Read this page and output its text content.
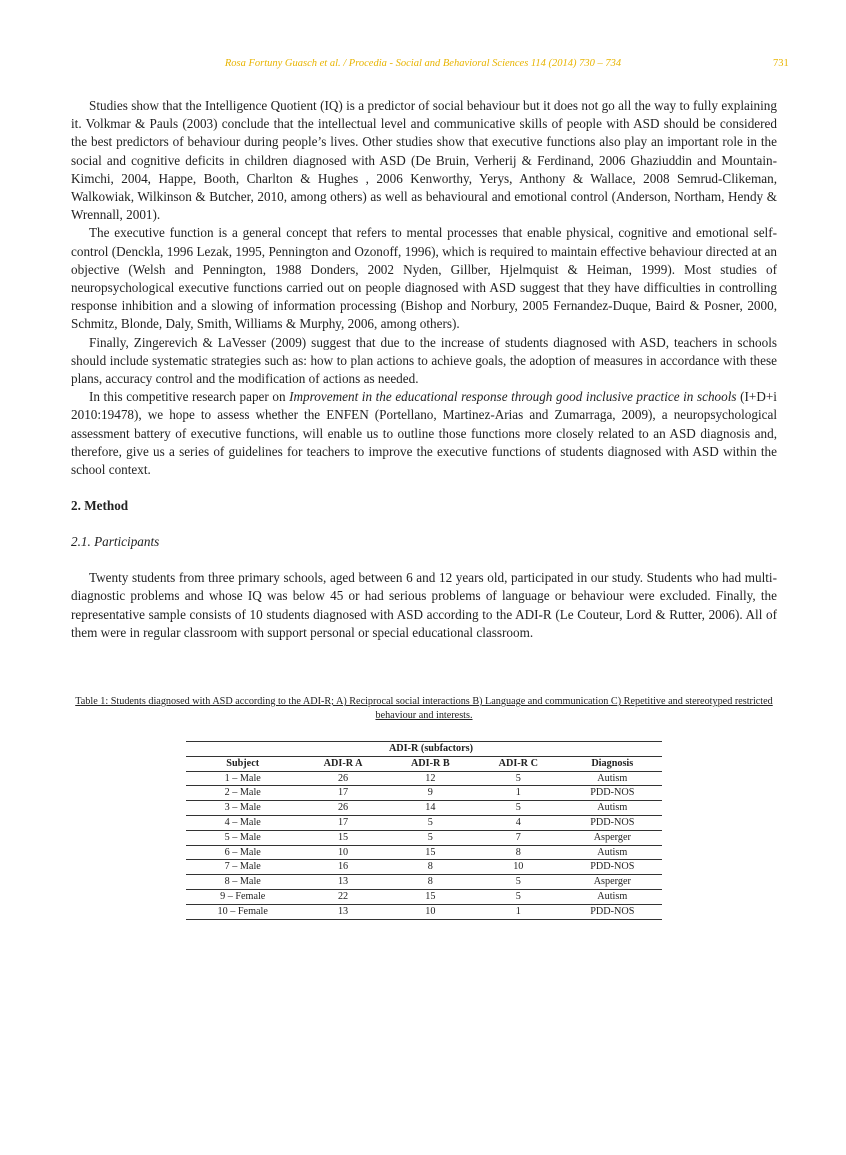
Rosa Fortuny Guasch et al. / Procedia - Social and Behavioral Sciences 114 (2014) 730 – 734	731

Studies show that the Intelligence Quotient (IQ) is a predictor of social behaviour but it does not go all the way to fully explaining it. Volkmar & Pauls (2003) conclude that the intellectual level and communicative skills of people with ASD should be considered the best predictors of behaviour during people’s lives. Other studies show that executive functions also play an important role in the social and cognitive deficits in children diagnosed with ASD (De Bruin, Verherij & Ferdinand, 2006 Ghaziuddin and Mountain-Kimchi, 2004, Happe, Booth, Charlton & Hughes , 2006 Kenworthy, Yerys, Anthony & Wallace, 2008 Semrud-Clikeman, Walkowiak, Wilkinson & Butcher, 2010, among others) as well as behavioural and emotional control (Anderson, Northam, Hendy & Wrennall, 2001).

The executive function is a general concept that refers to mental processes that enable physical, cognitive and emotional self-control (Denckla, 1996 Lezak, 1995, Pennington and Ozonoff, 1996), which is required to maintain effective behaviour directed at an objective (Welsh and Pennington, 1988 Donders, 2002 Nyden, Gillber, Hjelmquist & Heiman, 1999). Most studies of neuropsychological executive functions carried out on people diagnosed with ASD suggest that they have difficulties in controlling response inhibition and a slowing of information processing (Bishop and Norbury, 2005 Fernandez-Duque, Baird & Posner, 2000, Schmitz, Blonde, Daly, Smith, Williams & Murphy, 2006, among others).

Finally, Zingerevich & LaVesser (2009) suggest that due to the increase of students diagnosed with ASD, teachers in schools should include systematic strategies such as: how to plan actions to achieve goals, the adoption of measures in accordance with these plans, accuracy control and the modification of actions as needed.

In this competitive research paper on Improvement in the educational response through good inclusive practice in schools (I+D+i 2010:19478), we hope to assess whether the ENFEN (Portellano, Martinez-Arias and Zumarraga, 2009), a neuropsychological assessment battery of executive functions, will enable us to outline those functions more closely related to an ASD diagnosis and, therefore, give us a series of guidelines for teachers to improve the executive functions of students diagnosed with ASD within the school context.

2. Method
2.1. Participants

Twenty students from three primary schools, aged between 6 and 12 years old, participated in our study. Students who had multi-diagnostic problems and whose IQ was below 45 or had serious problems of language or behaviour were excluded. Finally, the representative sample consists of 10 students diagnosed with ASD according to the ADI-R (Le Couteur, Lord & Rutter, 2006). All of them were in regular classroom with support personal or special educational classroom.

Table 1: Students diagnosed with ASD according to the ADI-R; A) Reciprocal social interactions B) Language and communication C) Repetitive and stereotyped restricted behaviour and interests.
	ADI-R (subfactors)			
Subject	ADI-R A	ADI-R B	ADI-R C	Diagnosis
1 – Male	26	12	5	Autism
2 – Male	17	9	1	PDD-NOS
3 – Male	26	14	5	Autism
4 – Male	17	5	4	PDD-NOS
5 – Male	15	5	7	Asperger
6 – Male	10	15	8	Autism
7 – Male	16	8	10	PDD-NOS
8 – Male	13	8	5	Asperger
9 – Female	22	15	5	Autism
10 – Female	13	10	1	PDD-NOS
